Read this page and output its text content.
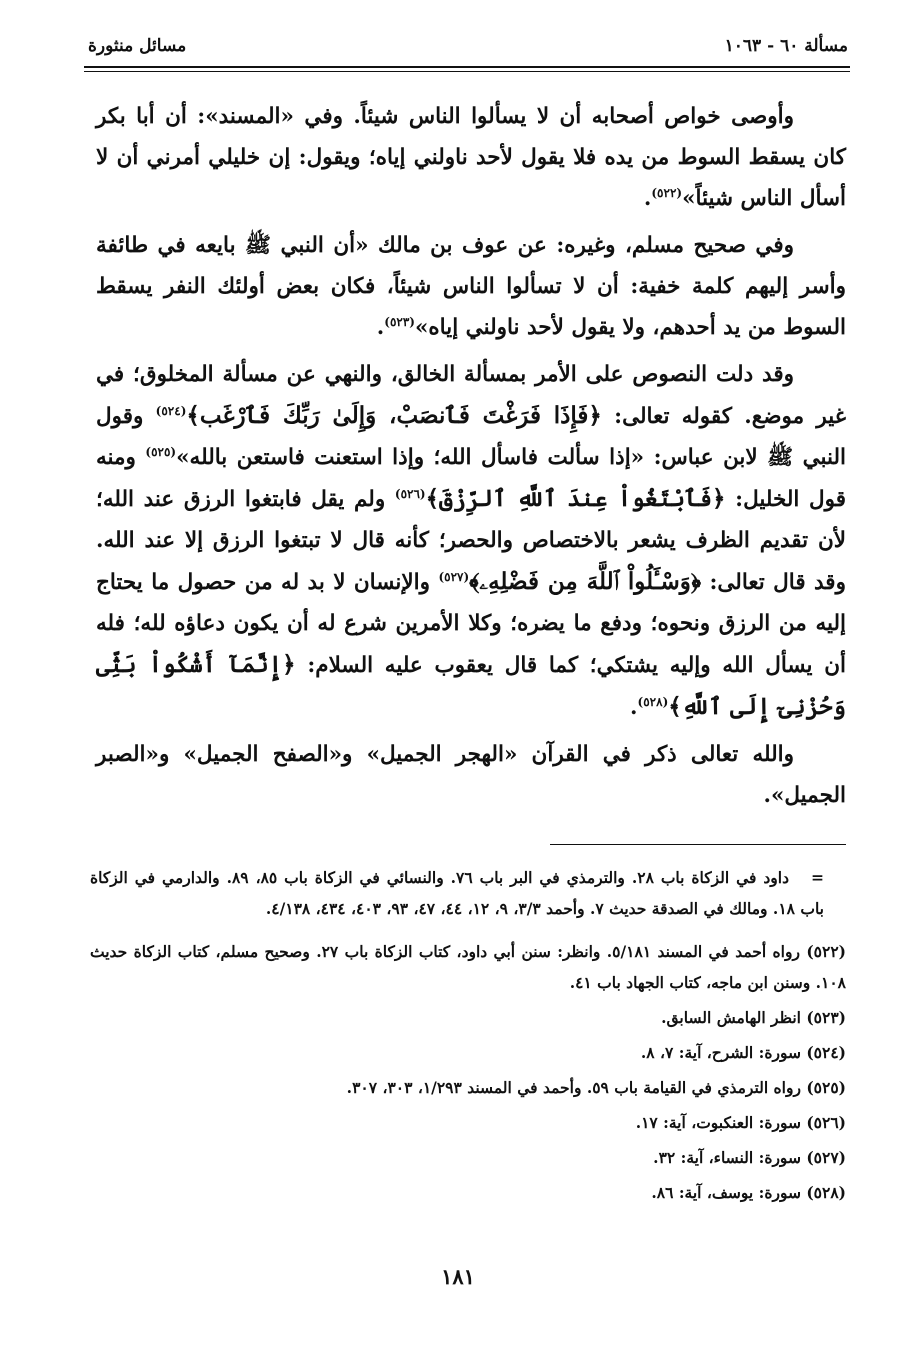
مسألة ٦٠ - ١٠٦٣
مسائل منثورة

وأوصى خواص أصحابه أن لا يسألوا الناس شيئاً. وفي «المسند»: أن أبا بكر كان يسقط السوط من يده فلا يقول لأحد ناولني إياه؛ ويقول: إن خليلي أمرني أن لا أسأل الناس شيئاً»$^{(٥٢٢)}$.

وفي صحيح مسلم، وغيره: عن عوف بن مالك «أن النبي ﷺ بايعه في طائفة وأسر إليهم كلمة خفية: أن لا تسألوا الناس شيئاً، فكان بعض أولئك النفر يسقط السوط من يد أحدهم، ولا يقول لأحد ناولني إياه»$^{(٥٢٣)}$.

وقد دلت النصوص على الأمر بمسألة الخالق، والنهي عن مسألة المخلوق؛ في غير موضع. كقوله تعالى: ﴿فَإِذَا فَرَغْتَ فَٱنصَبْ، وَإِلَىٰ رَبِّكَ فَٱرْغَب﴾$^{(٥٢٤)}$ وقول النبي ﷺ لابن عباس: «إذا سألت فاسأل الله؛ وإذا استعنت فاستعن بالله»$^{(٥٢٥)}$ ومنه قول الخليل: ﴿فَٱبْتَغُواْ عِندَ ٱللَّهِ ٱلرِّزْقَ﴾$^{(٥٢٦)}$ ولم يقل فابتغوا الرزق عند الله؛ لأن تقديم الظرف يشعر بالاختصاص والحصر؛ كأنه قال لا تبتغوا الرزق إلا عند الله. وقد قال تعالى: ﴿وَسْـَٔلُواْ ٱللَّهَ مِن فَضْلِهِۦ﴾$^{(٥٢٧)}$ والإنسان لا بد له من حصول ما يحتاج إليه من الرزق ونحوه؛ ودفع ما يضره؛ وكلا الأمرين شرع له أن يكون دعاؤه لله؛ فله أن يسأل الله وإليه يشتكي؛ كما قال يعقوب عليه السلام: ﴿إِنَّمَآ أَشْكُواْ بَثِّى وَحُزْنِىٓ إِلَى ٱللَّهِ﴾$^{(٥٢٨)}$.

والله تعالى ذكر في القرآن «الهجر الجميل» و«الصفح الجميل» و«الصبر الجميل».

=داود في الزكاة باب ٢٨. والترمذي في البر باب ٧٦. والنسائي في الزكاة باب ٨٥، ٨٩. والدارمي في الزكاة باب ١٨. ومالك في الصدقة حديث ٧. وأحمد ٣/٣، ٩، ١٢، ٤٤، ٤٧، ٩٣، ٤٠٣، ٤٣٤، ٤/١٣٨.
(٥٢٢) رواه أحمد في المسند ٥/١٨١. وانظر: سنن أبي داود، كتاب الزكاة باب ٢٧. وصحيح مسلم، كتاب الزكاة حديث ١٠٨. وسنن ابن ماجه، كتاب الجهاد باب ٤١.
(٥٢٣) انظر الهامش السابق.
(٥٢٤) سورة: الشرح، آية: ٧، ٨.
(٥٢٥) رواه الترمذي في القيامة باب ٥٩. وأحمد في المسند ١/٢٩٣، ٣٠٣، ٣٠٧.
(٥٢٦) سورة: العنكبوت، آية: ١٧.
(٥٢٧) سورة: النساء، آية: ٣٢.
(٥٢٨) سورة: يوسف، آية: ٨٦.
١٨١
